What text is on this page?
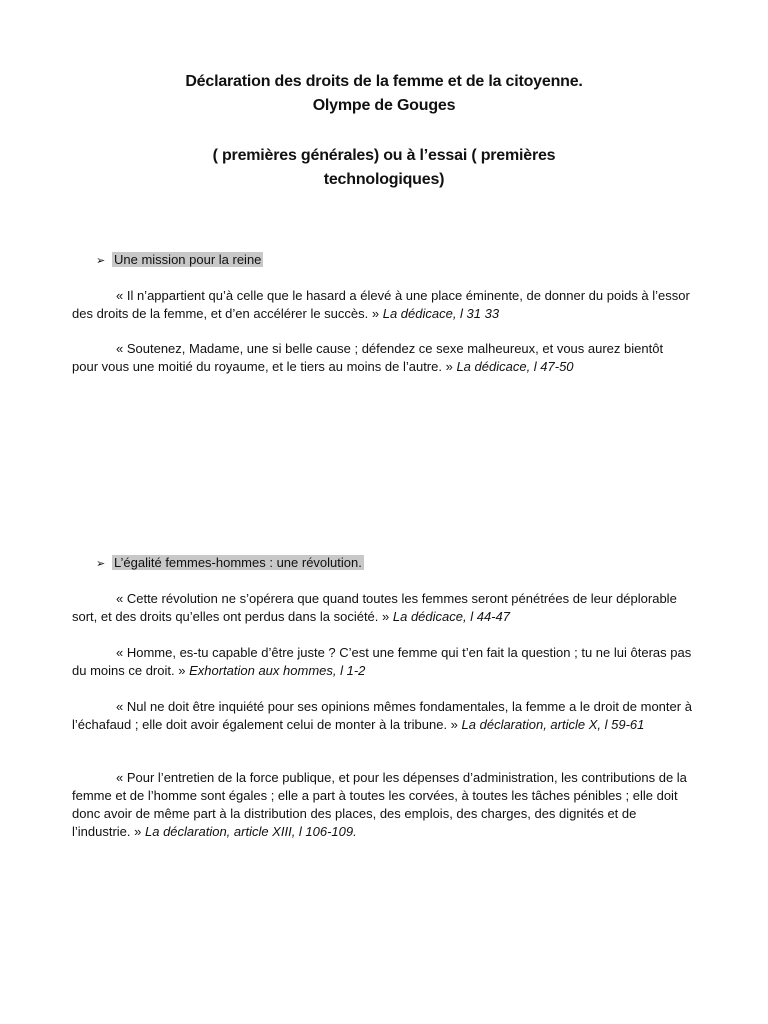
Déclaration des droits de la femme et de la citoyenne.
Olympe de Gouges
( premières générales) ou à l’essai ( premières
technologiques)
➢ Une mission pour la reine
« Il n’appartient qu’à celle que le hasard a élevé à une place éminente, de donner du poids à l’essor des droits de la femme, et d’en accélérer le succès. » La dédicace, l 31 33
« Soutenez, Madame, une si belle cause ; défendez ce sexe malheureux, et vous aurez bientôt pour vous une moitié du royaume, et le tiers au moins de l’autre. » La dédicace, l 47-50
➢ L’égalité femmes-hommes : une révolution.
« Cette révolution ne s’opérera que quand toutes les femmes seront pénétrées de leur déplorable sort, et des droits qu’elles ont perdus dans la société. » La dédicace, l 44-47
« Homme, es-tu capable d’être juste ? C’est une femme qui t’en fait la question ; tu ne lui ôteras pas du moins ce droit. » Exhortation aux hommes, l 1-2
« Nul ne doit être inquiété pour ses opinions mêmes fondamentales, la femme a le droit de monter à l’échafaud ; elle doit avoir également celui de monter à la tribune. » La déclaration, article X, l 59-61
« Pour l’entretien de la force publique, et pour les dépenses d’administration, les contributions de la femme et de l’homme sont égales ; elle a part à toutes les corvées, à toutes les tâches pénibles ; elle doit donc avoir de même part à la distribution des places, des emplois, des charges, des dignités et de l’industrie. » La déclaration, article XIII, l 106-109.
